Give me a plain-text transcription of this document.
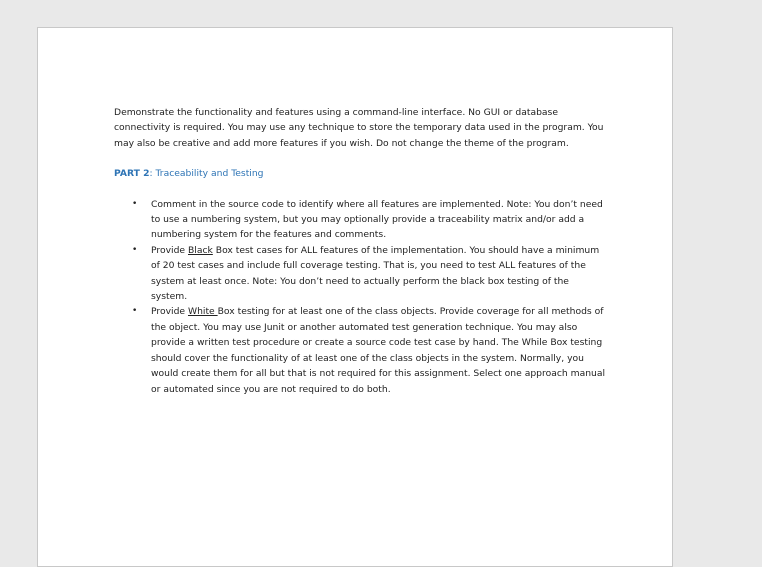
Demonstrate the functionality and features using a command-line interface. No GUI or database connectivity is required. You may use any technique to store the temporary data used in the program. You may also be creative and add more features if you wish. Do not change the theme of the program.

PART 2: Traceability and Testing

• Comment in the source code to identify where all features are implemented. Note: You don’t need to use a numbering system, but you may optionally provide a traceability matrix and/or add a numbering system for the features and comments.
• Provide Black Box test cases for ALL features of the implementation. You should have a minimum of 20 test cases and include full coverage testing. That is, you need to test ALL features of the system at least once. Note: You don’t need to actually perform the black box testing of the system.
• Provide White Box testing for at least one of the class objects. Provide coverage for all methods of the object. You may use Junit or another automated test generation technique. You may also provide a written test procedure or create a source code test case by hand. The While Box testing should cover the functionality of at least one of the class objects in the system. Normally, you would create them for all but that is not required for this assignment. Select one approach manual or automated since you are not required to do both.
